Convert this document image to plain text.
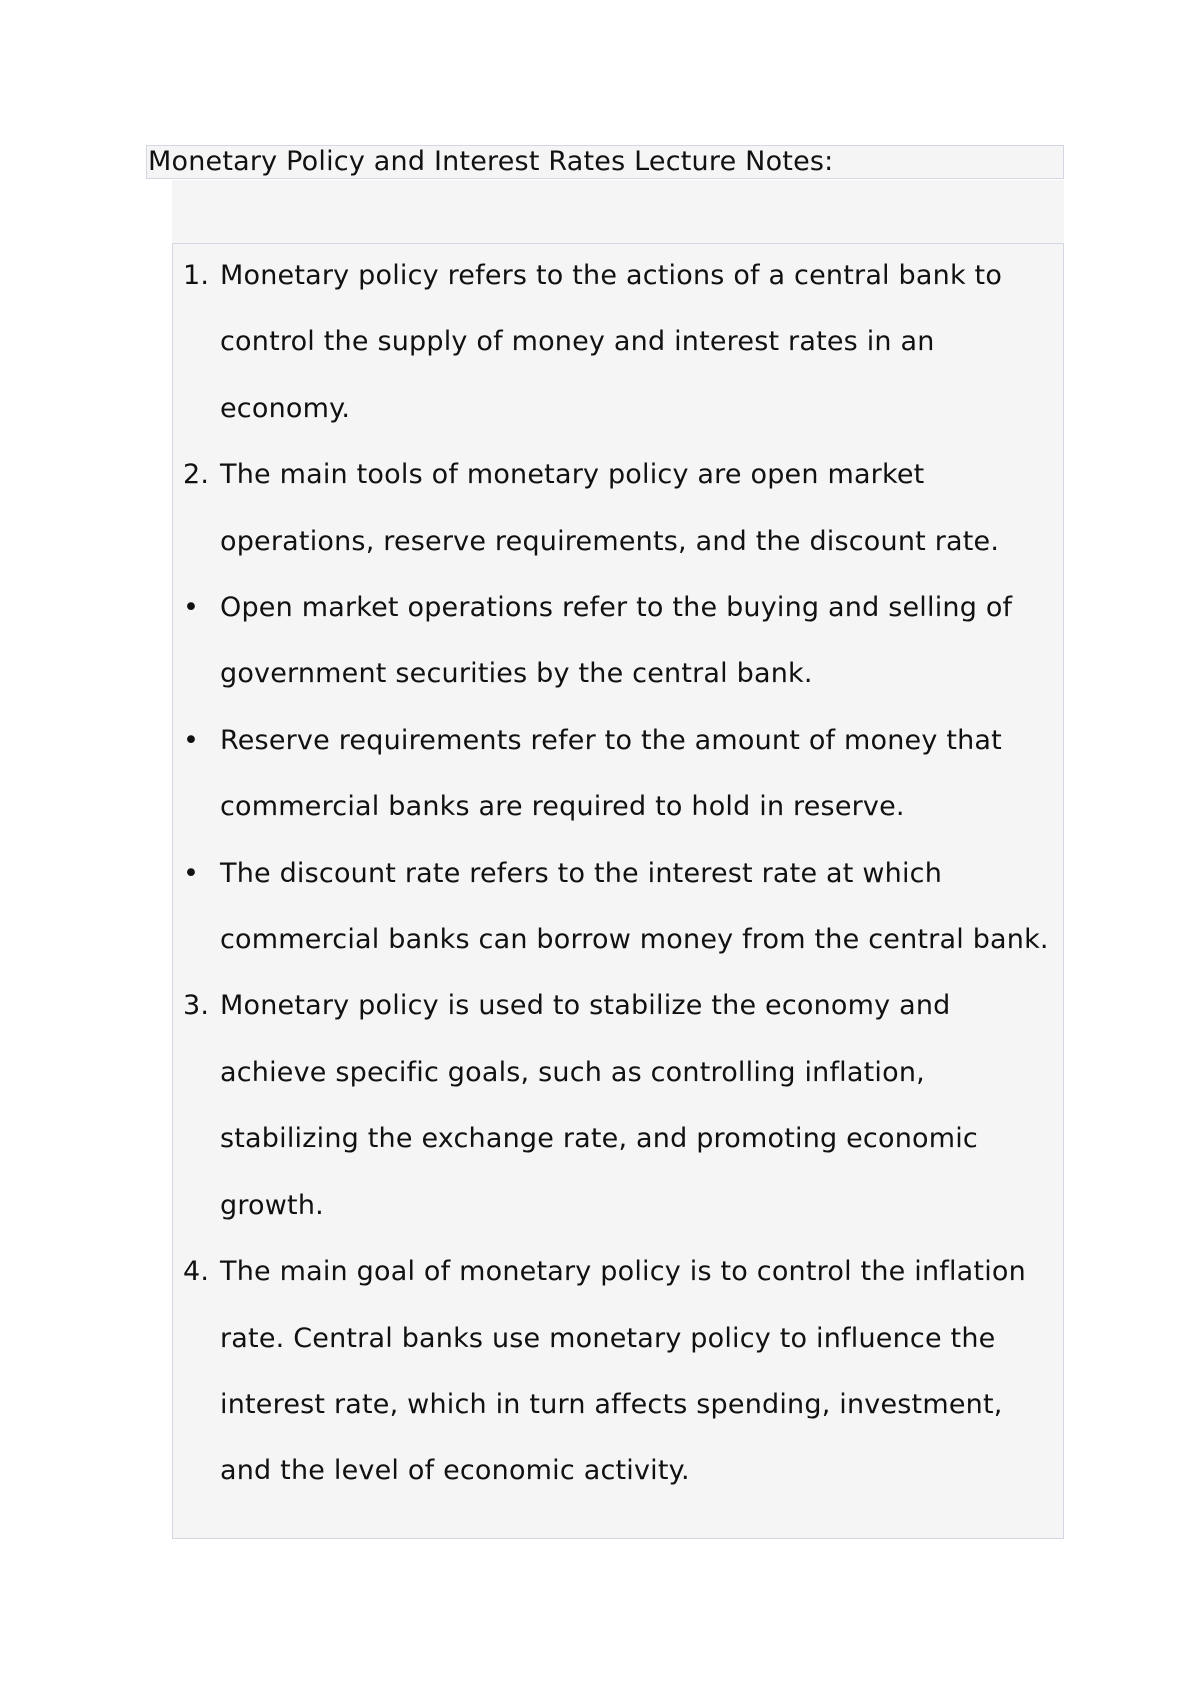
Monetary Policy and Interest Rates Lecture Notes:
1. Monetary policy refers to the actions of a central bank to control the supply of money and interest rates in an economy.
2. The main tools of monetary policy are open market operations, reserve requirements, and the discount rate.
• Open market operations refer to the buying and selling of government securities by the central bank.
• Reserve requirements refer to the amount of money that commercial banks are required to hold in reserve.
• The discount rate refers to the interest rate at which commercial banks can borrow money from the central bank.
3. Monetary policy is used to stabilize the economy and achieve specific goals, such as controlling inflation, stabilizing the exchange rate, and promoting economic growth.
4. The main goal of monetary policy is to control the inflation rate. Central banks use monetary policy to influence the interest rate, which in turn affects spending, investment, and the level of economic activity.
